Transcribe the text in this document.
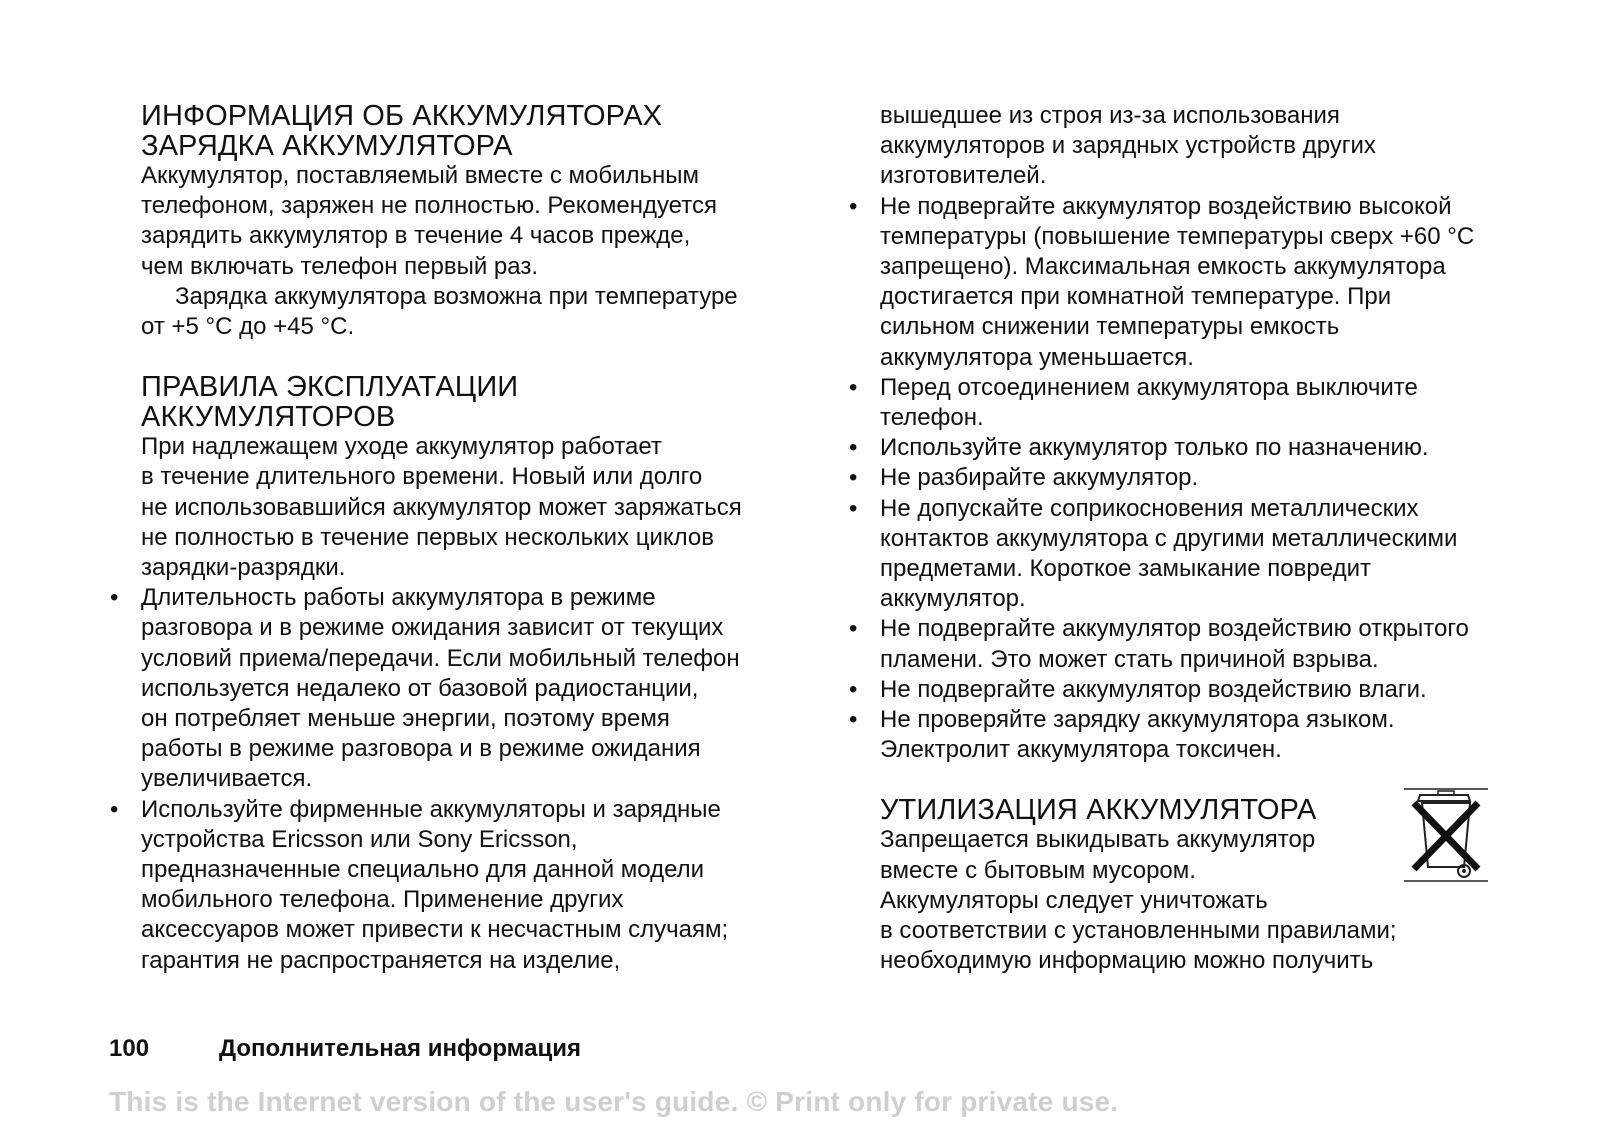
ИНФОРМАЦИЯ ОБ АККУМУЛЯТОРАХ
ЗАРЯДКА АККУМУЛЯТОРА

Аккумулятор, поставляемый вместе с мобильным
телефоном, заряжен не полностью. Рекомендуется
зарядить аккумулятор в течение 4 часов прежде,
чем включать телефон первый раз.

Зарядка аккумулятора возможна при температуре
от +5 °С до +45 °С.

ПРАВИЛА ЭКСПЛУАТАЦИИ
АККУМУЛЯТОРОВ

При надлежащем уходе аккумулятор работает
в течение длительного времени. Новый или долго
не использовавшийся аккумулятор может заряжаться
не полностью в течение первых нескольких циклов
зарядки-разрядки.

• Длительность работы аккумулятора в режиме
разговора и в режиме ожидания зависит от текущих
условий приема/передачи. Если мобильный телефон
используется недалеко от базовой радиостанции,
он потребляет меньше энергии, поэтому время
работы в режиме разговора и в режиме ожидания
увеличивается.
• Используйте фирменные аккумуляторы и зарядные
устройства Ericsson или Sony Ericsson,
предназначенные специально для данной модели
мобильного телефона. Применение других
аксессуаров может привести к несчастным случаям;
гарантия не распространяется на изделие,

вышедшее из строя из-за использования
аккумуляторов и зарядных устройств других
изготовителей.

• Не подвергайте аккумулятор воздействию высокой
температуры (повышение температуры сверх +60 °С
запрещено). Максимальная емкость аккумулятора
достигается при комнатной температуре. При
сильном снижении температуры емкость
аккумулятора уменьшается.
• Перед отсоединением аккумулятора выключите
телефон.
• Используйте аккумулятор только по назначению.
• Не разбирайте аккумулятор.
• Не допускайте соприкосновения металлических
контактов аккумулятора с другими металлическими
предметами. Короткое замыкание повредит
аккумулятор.
• Не подвергайте аккумулятор воздействию открытого
пламени. Это может стать причиной взрыва.
• Не подвергайте аккумулятор воздействию влаги.
• Не проверяйте зарядку аккумулятора языком.
Электролит аккумулятора токсичен.
УТИЛИЗАЦИЯ АККУМУЛЯТОРА

Запрещается выкидывать аккумулятор
вместе с бытовым мусором.
Аккумуляторы следует уничтожать
в соответствии с установленными правилами;
необходимую информацию можно получить

100	Дополнительная информация
This is the Internet version of the user's guide. © Print only for private use.
